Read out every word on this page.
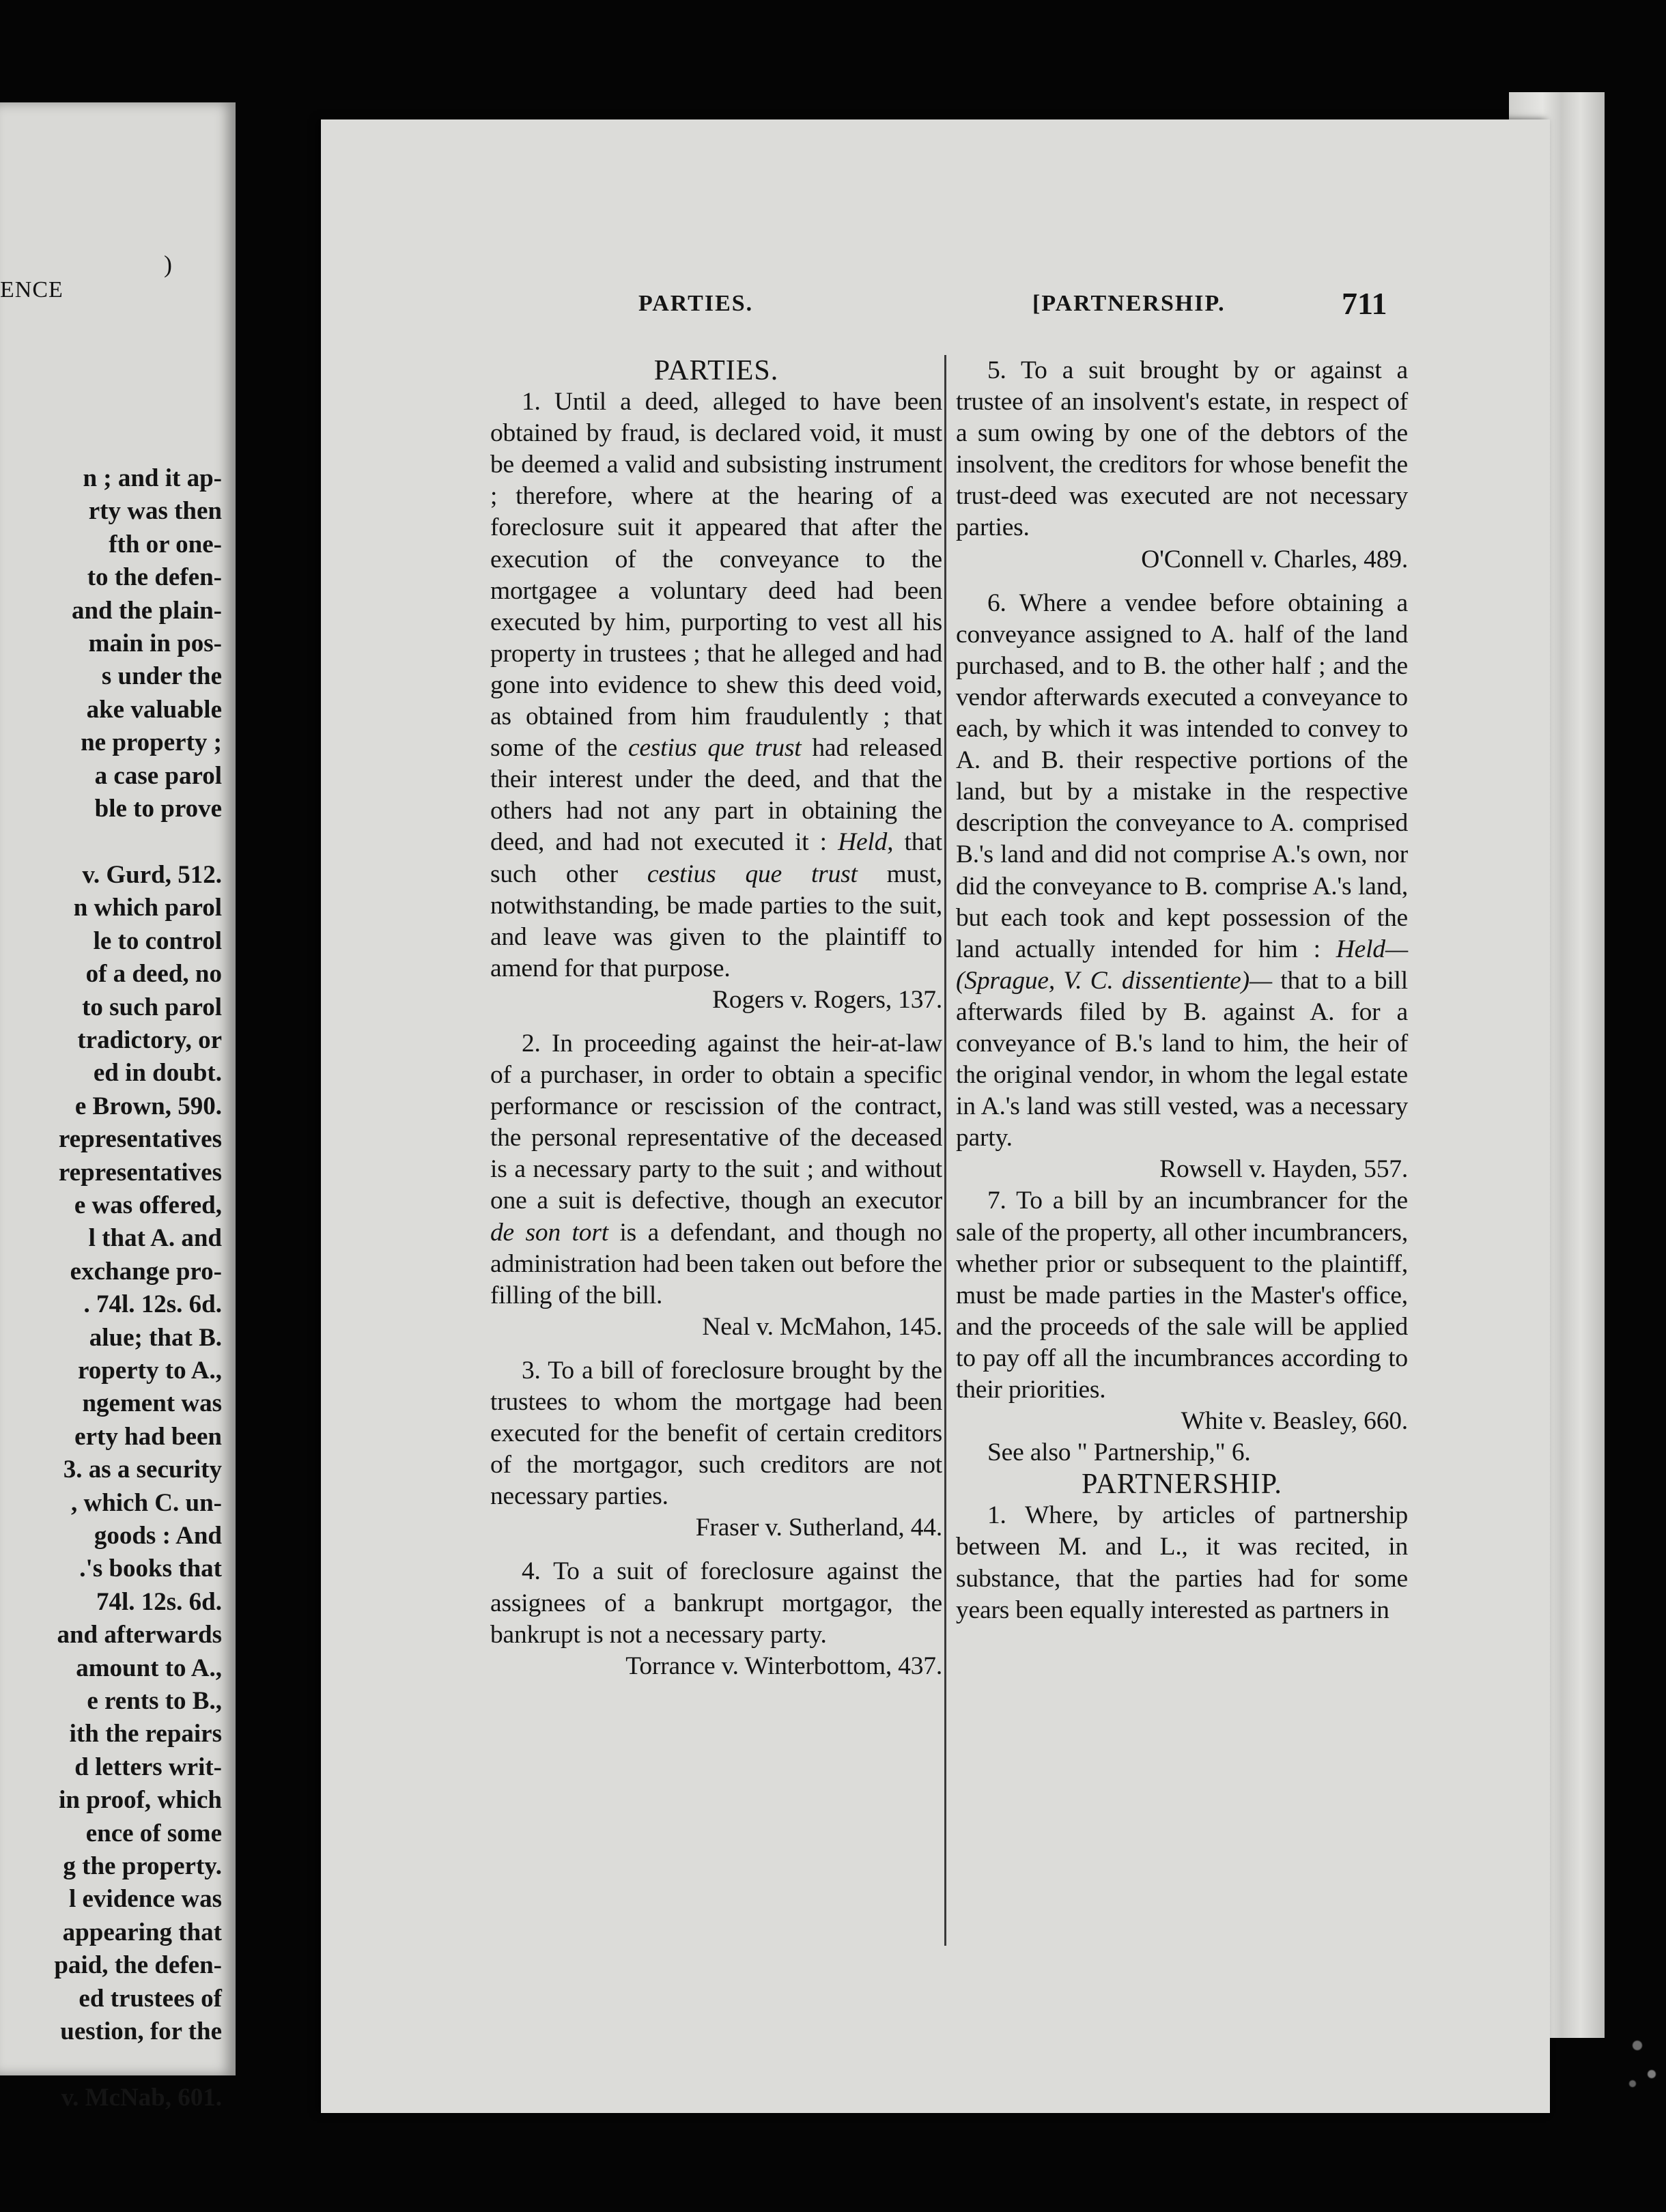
ENCE
)
n ; and it ap-
rty was then
fth or one-
to the defen-
and the plain-
main in pos-
s under the
ake valuable
ne property ;
a case parol
ble to prove

v. Gurd, 512.
n which parol
le to control
of a deed, no
to such parol
tradictory, or
ed in doubt.
e Brown, 590.
representatives
representatives
e was offered,
l that A. and
exchange pro-
. 74l. 12s. 6d.
alue; that B.
roperty to A.,
ngement was
erty had been
3. as a security
, which C. un-
goods : And
.'s books that
74l. 12s. 6d.
and afterwards
amount to A.,
e rents to B.,
ith the repairs
d letters writ-
in proof, which
ence of some
g the property.
l evidence was
appearing that
paid, the defen-
ed trustees of
uestion, for the

v. McNab, 601.
PARTIES.	[PARTNERSHIP.	711
PARTIES.

1. Until a deed, alleged to have been obtained by fraud, is declared void, it must be deemed a valid and subsisting instrument ; therefore, where at the hearing of a foreclosure suit it appeared that after the execution of the conveyance to the mortgagee a voluntary deed had been executed by him, purporting to vest all his property in trustees ; that he alleged and had gone into evidence to shew this deed void, as obtained from him fraudulently ; that some of the cestius que trust had released their interest under the deed, and that the others had not any part in obtaining the deed, and had not executed it : Held, that such other cestius que trust must, notwithstanding, be made parties to the suit, and leave was given to the plaintiff to amend for that purpose.

Rogers v. Rogers, 137.

2. In proceeding against the heir-at-law of a purchaser, in order to obtain a specific performance or rescission of the contract, the personal representative of the deceased is a necessary party to the suit ; and without one a suit is defective, though an executor de son tort is a defendant, and though no administration had been taken out before the filling of the bill.

Neal v. McMahon, 145.

3. To a bill of foreclosure brought by the trustees to whom the mortgage had been executed for the benefit of certain creditors of the mortgagor, such creditors are not necessary parties.

Fraser v. Sutherland, 44.

4. To a suit of foreclosure against the assignees of a bankrupt mortgagor, the bankrupt is not a necessary party.

Torrance v. Winterbottom, 437.

5. To a suit brought by or against a trustee of an insolvent's estate, in respect of a sum owing by one of the debtors of the insolvent, the creditors for whose benefit the trust-deed was executed are not necessary parties.

O'Connell v. Charles, 489.

6. Where a vendee before obtaining a conveyance assigned to A. half of the land purchased, and to B. the other half ; and the vendor afterwards executed a conveyance to each, by which it was intended to convey to A. and B. their respective portions of the land, but by a mistake in the respective description the conveyance to A. comprised B.'s land and did not comprise A.'s own, nor did the conveyance to B. comprise A.'s land, but each took and kept possession of the land actually intended for him : Held—(Sprague, V. C. dissentiente)— that to a bill afterwards filed by B. against A. for a conveyance of B.'s land to him, the heir of the original vendor, in whom the legal estate in A.'s land was still vested, was a necessary party.

Rowsell v. Hayden, 557.

7. To a bill by an incumbrancer for the sale of the property, all other incumbrancers, whether prior or subsequent to the plaintiff, must be made parties in the Master's office, and the proceeds of the sale will be applied to pay off all the incumbrances according to their priorities.

White v. Beasley, 660.

See also " Partnership," 6.

PARTNERSHIP.

1. Where, by articles of partnership between M. and L., it was recited, in substance, that the parties had for some years been equally interested as partners in
